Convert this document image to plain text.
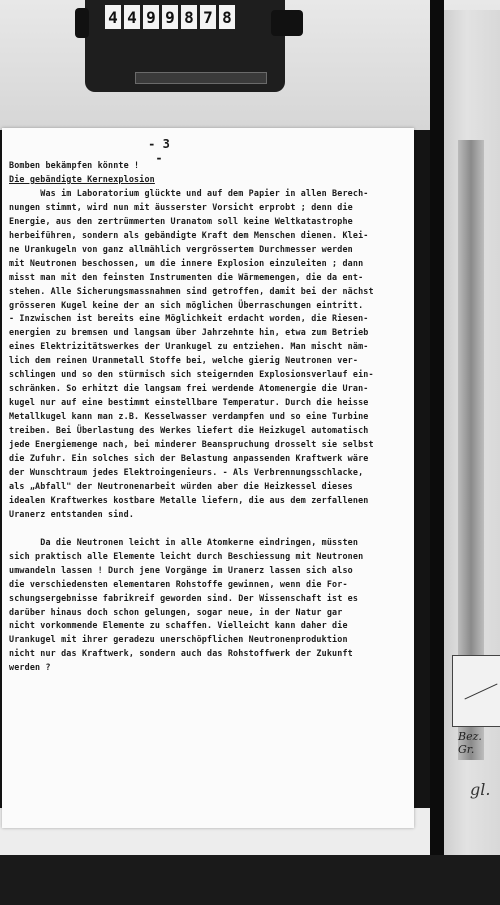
4 4 9 9 8 7 8
- 3 -
Bomben bekämpfen könnte !
Die gebändigte Kernexplosion
Was im Laboratorium glückte und auf dem Papier in allen Berech-
nungen stimmt, wird nun mit äusserster Vorsicht erprobt ; denn die
Energie, aus den zertrümmerten Uranatom soll keine Weltkatastrophe
herbeiführen, sondern als gebändigte Kraft dem Menschen dienen. Klei-
ne Urankugeln von ganz allmählich vergrössertem Durchmesser werden
mit Neutronen beschossen, um die innere Explosion einzuleiten ; dann
misst man mit den feinsten Instrumenten die Wärmemengen, die da ent-
stehen. Alle Sicherungsmassnahmen sind getroffen, damit bei der nächst
grösseren Kugel keine der an sich möglichen Überraschungen eintritt.
- Inzwischen ist bereits eine Möglichkeit erdacht worden, die Riesen-
energien zu bremsen und langsam über Jahrzehnte hin, etwa zum Betrieb
eines Elektrizitätswerkes der Urankugel zu entziehen. Man mischt näm-
lich dem reinen Uranmetall Stoffe bei, welche gierig Neutronen ver-
schlingen und so den stürmisch sich steigernden Explosionsverlauf ein-
schränken. So erhitzt die langsam frei werdende Atomenergie die Uran-
kugel nur auf eine bestimmt einstellbare Temperatur. Durch die heisse
Metallkugel kann man z.B. Kesselwasser verdampfen und so eine Turbine
treiben. Bei Überlastung des Werkes liefert die Heizkugel automatisch
jede Energiemenge nach, bei minderer Beanspruchung drosselt sie selbst
die Zufuhr. Ein solches sich der Belastung anpassenden Kraftwerk wäre
der Wunschtraum jedes Elektroingenieurs. - Als Verbrennungsschlacke,
als „Abfall" der Neutronenarbeit würden aber die Heizkessel dieses
idealen Kraftwerkes kostbare Metalle liefern, die aus dem zerfallenen
Uranerz entstanden sind.

Da die Neutronen leicht in alle Atomkerne eindringen, müssten
sich praktisch alle Elemente leicht durch Beschiessung mit Neutronen
umwandeln lassen ! Durch jene Vorgänge im Uranerz lassen sich also
die verschiedensten elementaren Rohstoffe gewinnen, wenn die For-
schungsergebnisse fabrikreif geworden sind. Der Wissenschaft ist es
darüber hinaus doch schon gelungen, sogar neue, in der Natur gar
nicht vorkommende Elemente zu schaffen. Vielleicht kann daher die
Urankugel mit ihrer geradezu unerschöpflichen Neutronenproduktion
nicht nur das Kraftwerk, sondern auch das Rohstoffwerk der Zukunft
werden ?
Bez. Gr.
gl.
